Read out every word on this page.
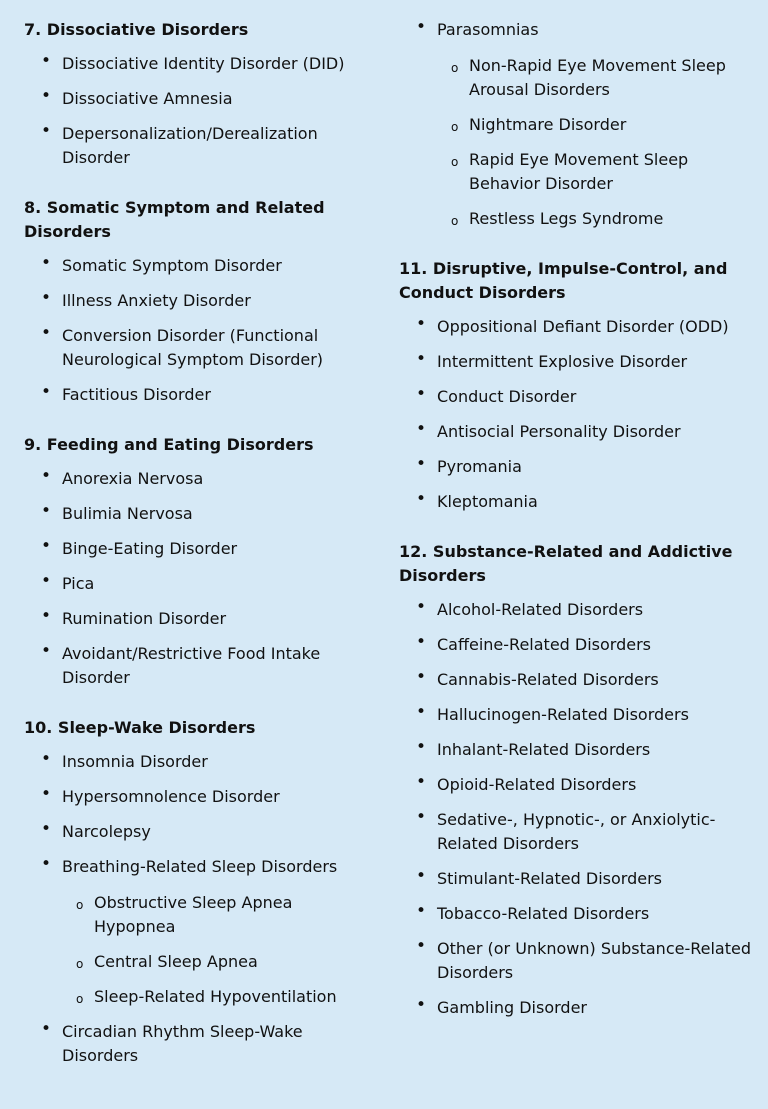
7. Dissociative Disorders
• Dissociative Identity Disorder (DID)
• Dissociative Amnesia
• Depersonalization/Derealization Disorder
8. Somatic Symptom and Related Disorders
• Somatic Symptom Disorder
• Illness Anxiety Disorder
• Conversion Disorder (Functional Neurological Symptom Disorder)
• Factitious Disorder
9. Feeding and Eating Disorders
• Anorexia Nervosa
• Bulimia Nervosa
• Binge-Eating Disorder
• Pica
• Rumination Disorder
• Avoidant/Restrictive Food Intake Disorder
10. Sleep-Wake Disorders
• Insomnia Disorder
• Hypersomnolence Disorder
• Narcolepsy
• Breathing-Related Sleep Disorders
o Obstructive Sleep Apnea Hypopnea
o Central Sleep Apnea
o Sleep-Related Hypoventilation
• Circadian Rhythm Sleep-Wake Disorders
• Parasomnias
o Non-Rapid Eye Movement Sleep Arousal Disorders
o Nightmare Disorder
o Rapid Eye Movement Sleep Behavior Disorder
o Restless Legs Syndrome
11. Disruptive, Impulse-Control, and Conduct Disorders
• Oppositional Defiant Disorder (ODD)
• Intermittent Explosive Disorder
• Conduct Disorder
• Antisocial Personality Disorder
• Pyromania
• Kleptomania
12. Substance-Related and Addictive Disorders
• Alcohol-Related Disorders
• Caffeine-Related Disorders
• Cannabis-Related Disorders
• Hallucinogen-Related Disorders
• Inhalant-Related Disorders
• Opioid-Related Disorders
• Sedative-, Hypnotic-, or Anxiolytic-Related Disorders
• Stimulant-Related Disorders
• Tobacco-Related Disorders
• Other (or Unknown) Substance-Related Disorders
• Gambling Disorder
